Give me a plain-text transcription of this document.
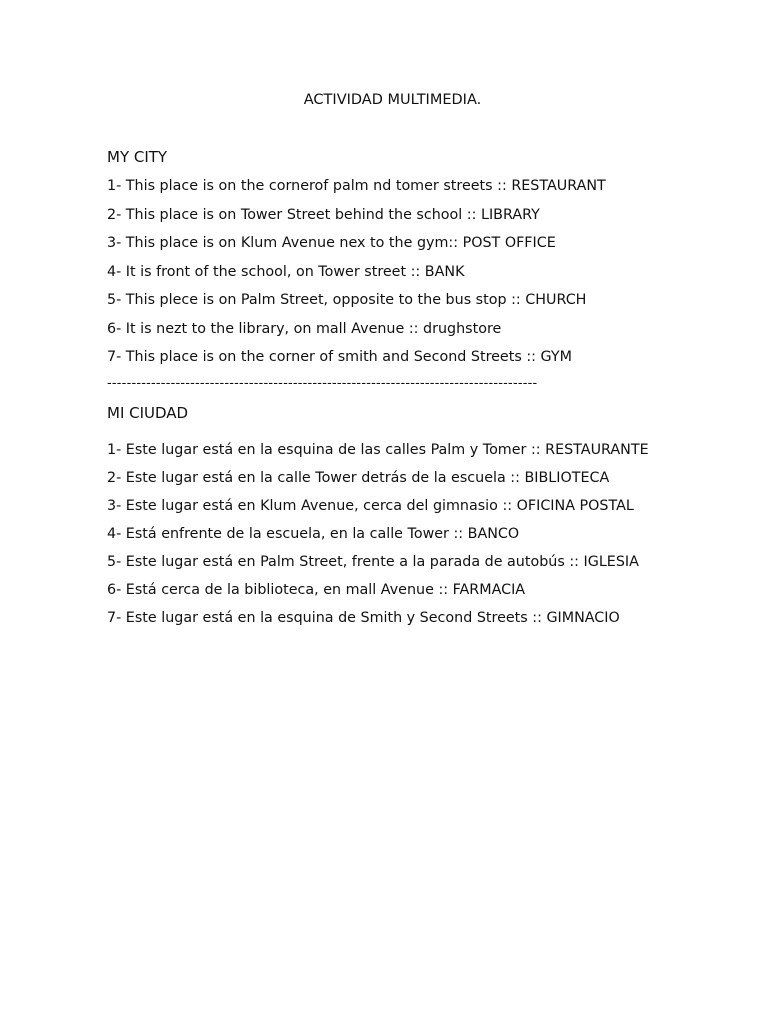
ACTIVIDAD MULTIMEDIA.
MY CITY
1- This place is on the cornerof palm nd tomer streets :: RESTAURANT
2- This place is on Tower Street behind the school :: LIBRARY
3- This place is on Klum Avenue nex to the gym:: POST OFFICE
4- It is front of the school, on Tower street :: BANK
5- This plece is on Palm Street, opposite to the bus stop :: CHURCH
6- It is nezt to the library, on mall Avenue :: drughstore
7- This place is on the corner of smith and Second Streets :: GYM
----------------------------------------------------------------------------------------
MI CIUDAD
1- Este lugar está en la esquina de las calles Palm y Tomer :: RESTAURANTE
2- Este lugar está en la calle Tower detrás de la escuela :: BIBLIOTECA
3- Este lugar está en Klum Avenue, cerca del gimnasio :: OFICINA POSTAL
4- Está enfrente de la escuela, en la calle Tower :: BANCO
5- Este lugar está en Palm Street, frente a la parada de autobús :: IGLESIA
6- Está cerca de la biblioteca, en mall Avenue :: FARMACIA
7- Este lugar está en la esquina de Smith y Second Streets :: GIMNACIO
